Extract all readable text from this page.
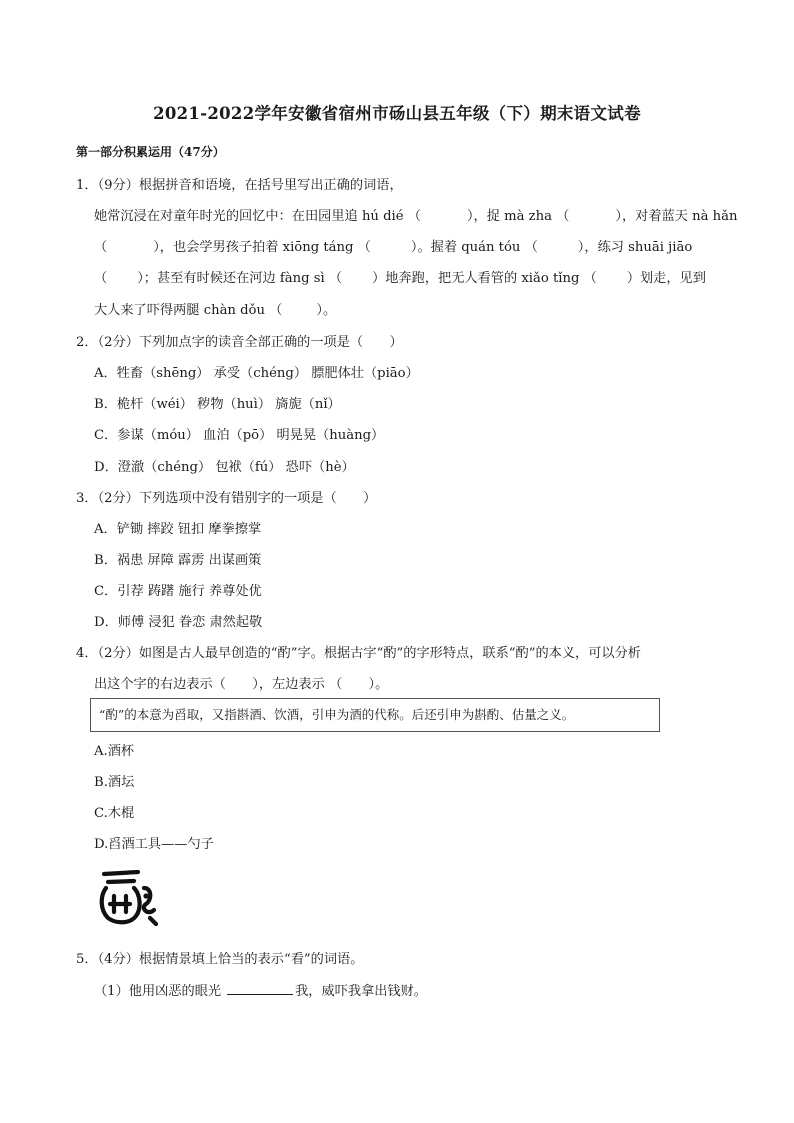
2021-2022学年安徽省宿州市砀山县五年级（下）期末语文试卷
第一部分积累运用（47分）
1．（9分）根据拼音和语境，在括号里写出正确的词语，
她常沉浸在对童年时光的回忆中：在田园里追 hú dié （	），捉 mà zha （	），对着蓝天 nà hǎn
（	），也会学男孩子拍着 xiōng táng （	）。握着 quán tóu （	），练习 shuāi jiāo
（ ）；甚至有时候还在河边 fàng sì （ ）地奔跑，把无人看管的 xiǎo tǐng （ ）划走，见到
大人来了吓得两腿 chàn dǒu （	）。
2．（2分）下列加点字的读音全部正确的一项是（　　）
A．牲畜（shēng） 承受（chéng） 膘肥体壮（piāo）
B．桅杆（wéi） 秽物（huì） 旖旎（nǐ）
C．参谋（móu） 血泊（pō） 明晃晃（huàng）
D．澄澈（chéng） 包袱（fú） 恐吓（hè）
3．（2分）下列选项中没有错别字的一项是（　　）
A．铲锄 摔跤 钮扣 摩拳擦掌
B．祸患 屏障 霹雳 出谋画策
C．引荐 踌躇 施行 养尊处优
D．师傅 浸犯 眷恋 肃然起敬
4．（2分）如图是古人最早创造的“酌”字。根据古字“酌”的字形特点，联系“酌”的本义，可以分析
出这个字的右边表示（　　），左边表示 （　　）。
“酌”的本意为舀取，又指斟酒、饮酒，引申为酒的代称。后还引申为斟酌、估量之义。
A.酒杯
B.酒坛
C.木棍
D.舀酒工具——勺子
5．（4分）根据情景填上恰当的表示“看”的词语。
（1）他用凶恶的眼光	我，威吓我拿出钱财。
